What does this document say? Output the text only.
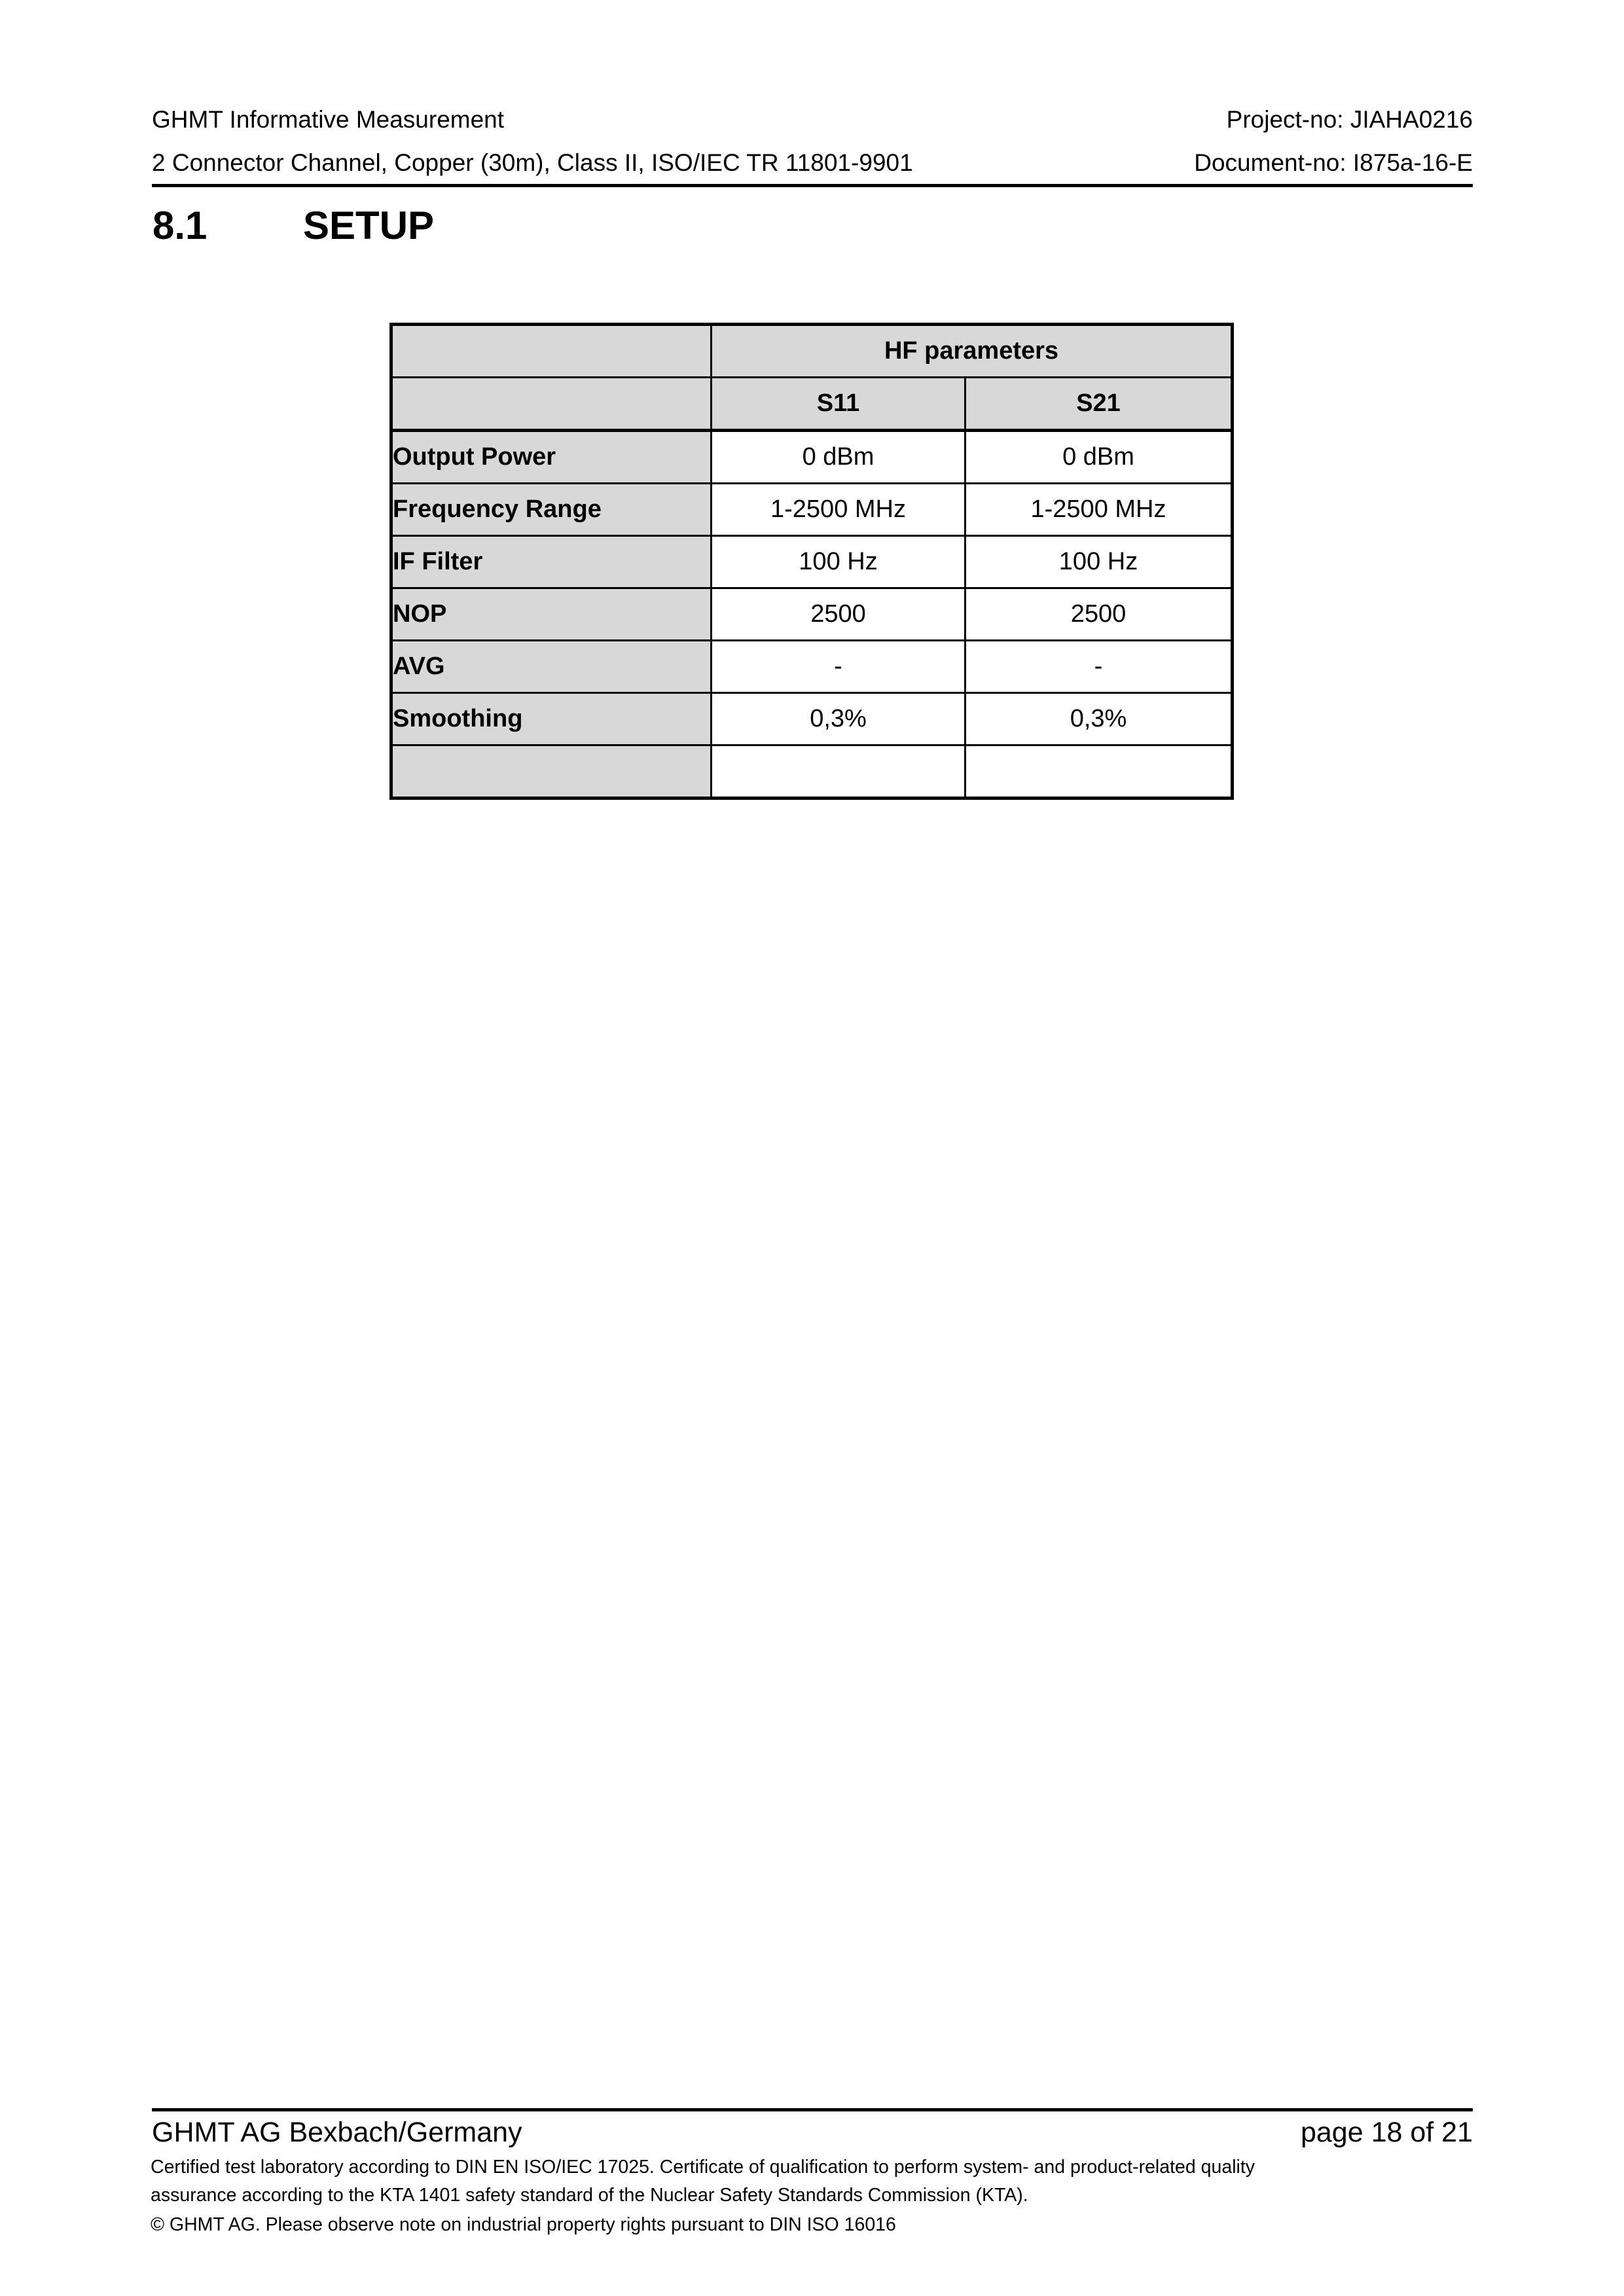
GHMT Informative Measurement	Project-no: JIAHA0216
2 Connector Channel, Copper (30m), Class II, ISO/IEC TR 11801-9901	Document-no: I875a-16-E
8.1	SETUP
	HF parameters	
	S11	S21
Output Power	0 dBm	0 dBm
Frequency Range	1-2500 MHz	1-2500 MHz
IF Filter	100 Hz	100 Hz
NOP	2500	2500
AVG	-	-
Smoothing	0,3%	0,3%

GHMT AG Bexbach/Germany	page 18 of 21
Certified test laboratory according to DIN EN ISO/IEC 17025. Certificate of qualification to perform system- and product-related quality
assurance according to the KTA 1401 safety standard of the Nuclear Safety Standards Commission (KTA).
© GHMT AG. Please observe note on industrial property rights pursuant to DIN ISO 16016
